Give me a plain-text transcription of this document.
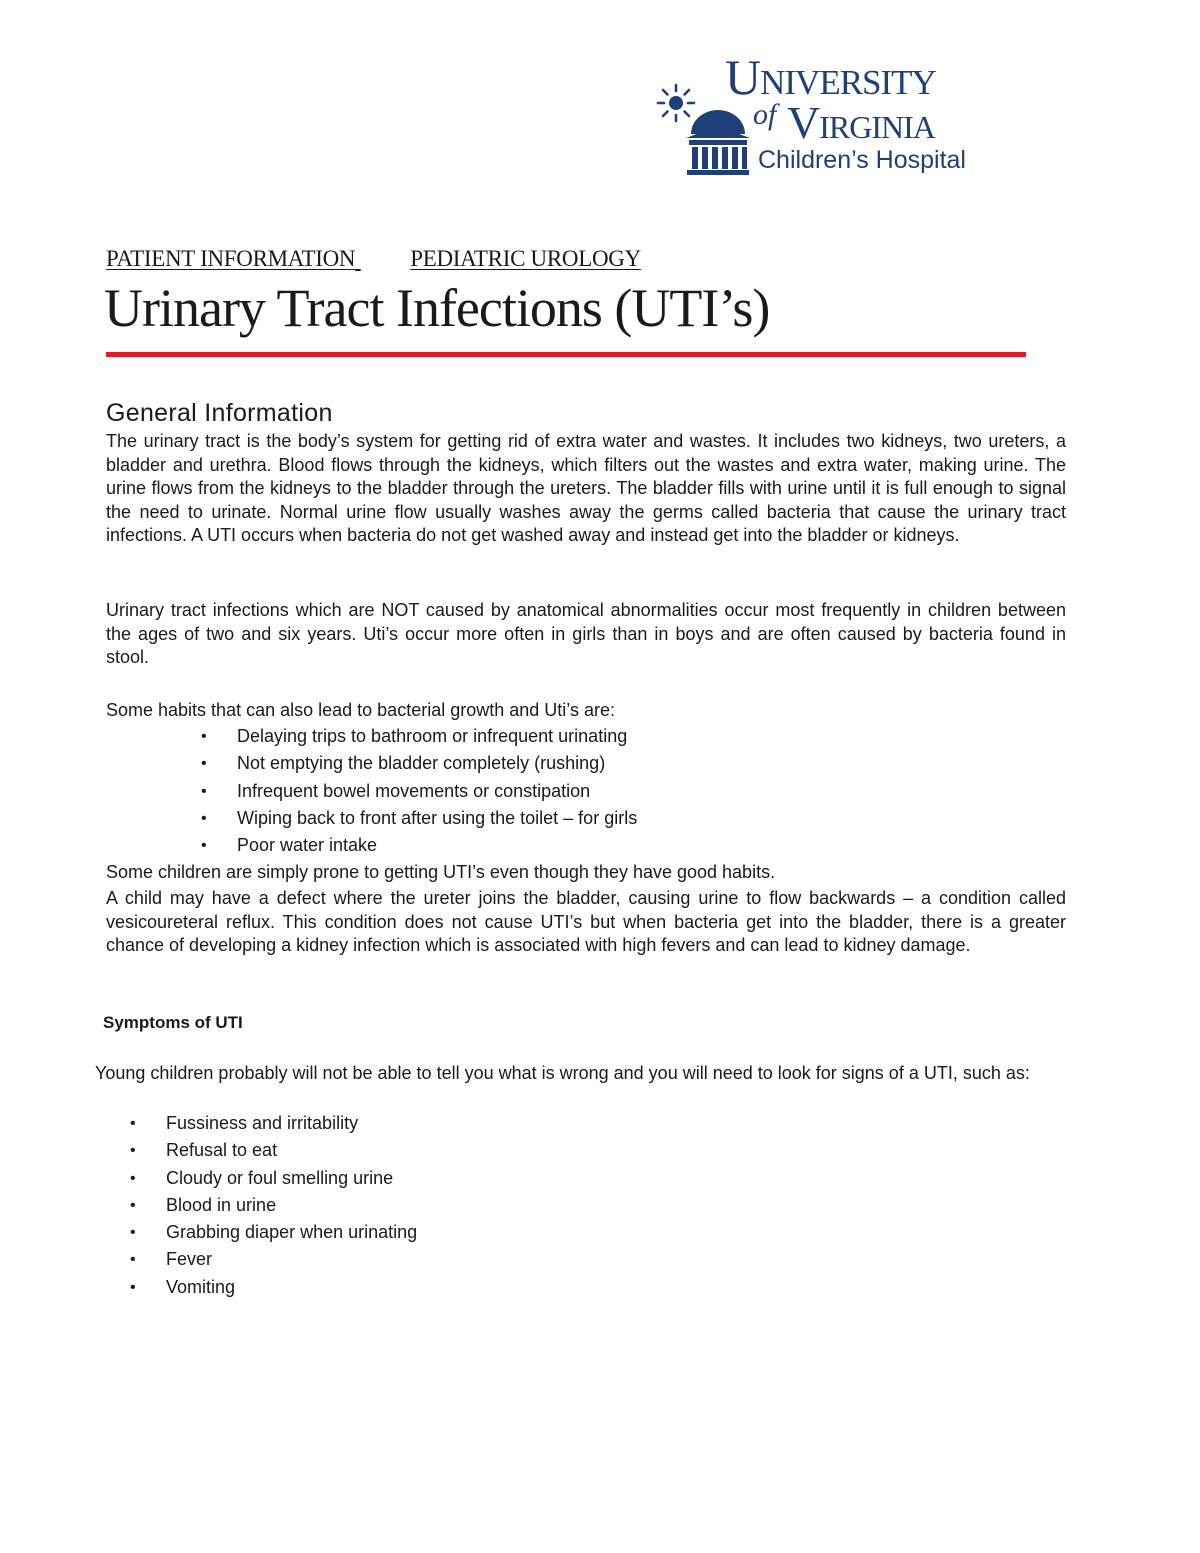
University
of Virginia
Children’s Hospital
PATIENT INFORMATION PEDIATRIC UROLOGY
Urinary Tract Infections (UTI’s)
General Information

The urinary tract is the body’s system for getting rid of extra water and wastes. It includes two kidneys, two ureters, a bladder and urethra. Blood flows through the kidneys, which filters out the wastes and extra water, making urine. The urine flows from the kidneys to the bladder through the ureters. The bladder fills with urine until it is full enough to signal the need to urinate. Normal urine flow usually washes away the germs called bacteria that cause the urinary tract infections. A UTI occurs when bacteria do not get washed away and instead get into the bladder or kidneys.

Urinary tract infections which are NOT caused by anatomical abnormalities occur most frequently in children between the ages of two and six years. Uti’s occur more often in girls than in boys and are often caused by bacteria found in stool.

Some habits that can also lead to bacterial growth and Uti’s are:

• Delaying trips to bathroom or infrequent urinating
• Not emptying the bladder completely (rushing)
• Infrequent bowel movements or constipation
• Wiping back to front after using the toilet – for girls
• Poor water intake

Some children are simply prone to getting UTI’s even though they have good habits.

A child may have a defect where the ureter joins the bladder, causing urine to flow backwards – a condition called vesicoureteral reflux. This condition does not cause UTI’s but when bacteria get into the bladder, there is a greater chance of developing a kidney infection which is associated with high fevers and can lead to kidney damage.

Symptoms of UTI

Young children probably will not be able to tell you what is wrong and you will need to look for signs of a UTI, such as:

• Fussiness and irritability
• Refusal to eat
• Cloudy or foul smelling urine
• Blood in urine
• Grabbing diaper when urinating
• Fever
• Vomiting
